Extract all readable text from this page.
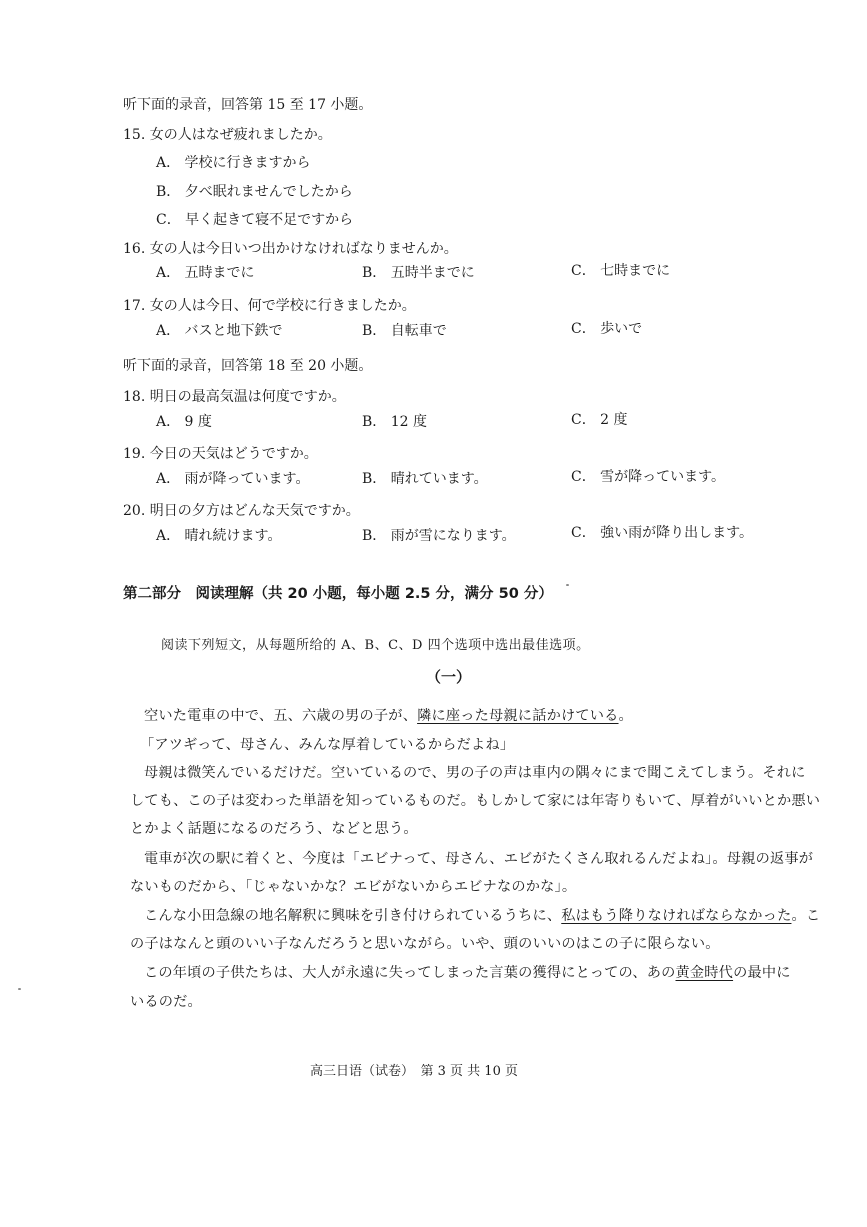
听下面的录音，回答第 15 至 17 小题。
15. 女の人はなぜ疲れましたか。
A． 学校に行きますから
B． 夕べ眠れませんでしたから
C． 早く起きて寝不足ですから
16. 女の人は今日いつ出かけなければなりませんか。
A． 五時までに	B． 五時半までに	C． 七時までに
17. 女の人は今日、何で学校に行きましたか。
A． バスと地下鉄で	B． 自転車で	C． 歩いで
听下面的录音，回答第 18 至 20 小题。
18. 明日の最高気温は何度ですか。
A． 9 度	B． 12 度	C． 2 度
19. 今日の天気はどうですか。
A． 雨が降っています。	B． 晴れています。	C． 雪が降っています。
20. 明日の夕方はどんな天気ですか。
A． 晴れ続けます。	B． 雨が雪になります。	C． 強い雨が降り出します。
第二部分　阅读理解（共 20 小题，每小题 2.5 分，满分 50 分）
阅读下列短文，从每题所给的 A、B、C、D 四个选项中选出最佳选项。
（一）
空いた電車の中で、五、六歳の男の子が、隣に座った母親に話かけている。
「アツギって、母さん、みんな厚着しているからだよね」
母親は微笑んでいるだけだ。空いているので、男の子の声は車内の隅々にまで聞こえてしまう。それに
しても、この子は変わった単語を知っているものだ。もしかして家には年寄りもいて、厚着がいいとか悪い
とかよく話題になるのだろう、などと思う。
電車が次の駅に着くと、今度は「エビナって、母さん、エビがたくさん取れるんだよね」。母親の返事が
ないものだから、「じゃないかな？エビがないからエビナなのかな」。
こんな小田急線の地名解釈に興味を引き付けられているうちに、私はもう降りなければならなかった。こ
の子はなんと頭のいい子なんだろうと思いながら。いや、頭のいいのはこの子に限らない。
この年頃の子供たちは、大人が永遠に失ってしまった言葉の獲得にとっての、あの黄金時代の最中に
いるのだ。
高三日语（试卷）　第 3 页 共 10 页
